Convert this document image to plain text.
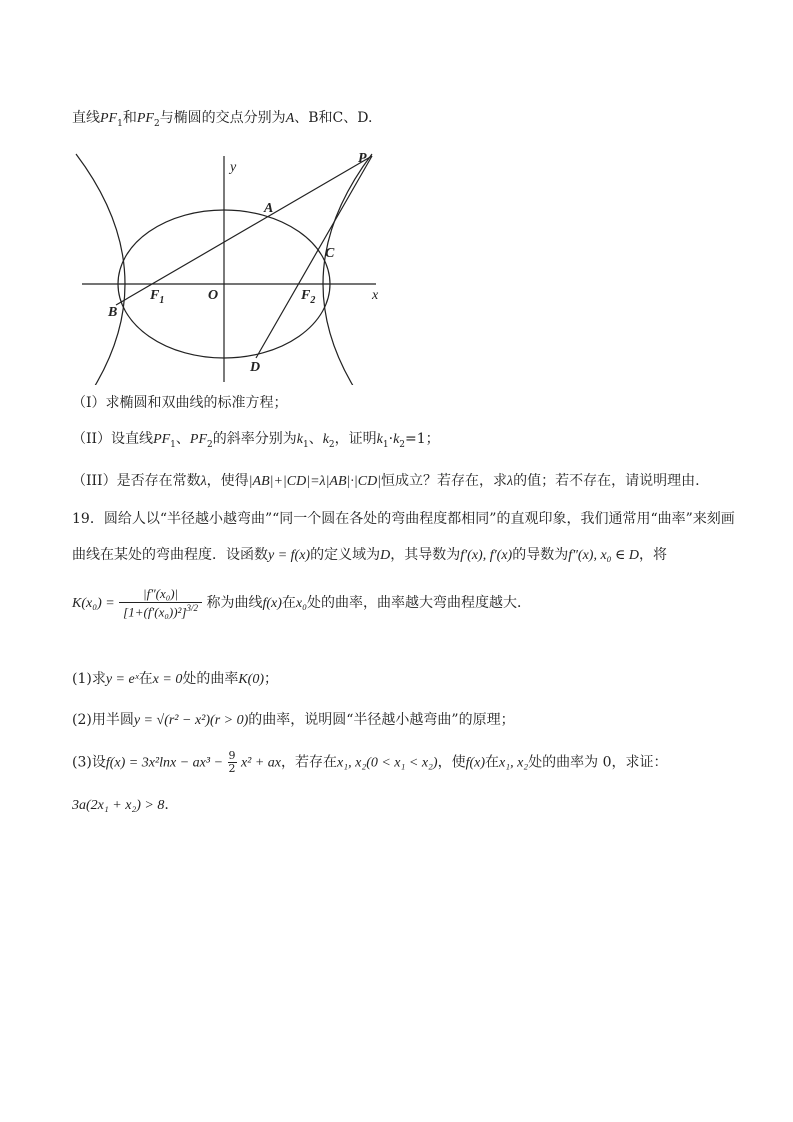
直线$PF_1$和$PF_2$与椭圆的交点分别为A、B和C、D.
y
x
P
A
C
B
$F_1$	O	$F_2$
D
（I）求椭圆和双曲线的标准方程；
（II）设直线$PF_1$、$PF_2$的斜率分别为$k_1$、$k_2$，证明$k_1\cdot k_2=1$；
（III）是否存在常数λ，使得|AB|+|CD|=λ|AB|·|CD|恒成立？若存在，求λ的值；若不存在，请说明理由.
19．圆给人以“半径越小越弯曲”“同一个圆在各处的弯曲程度都相同”的直观印象，我们通常用“曲率”来刻画
曲线在某处的弯曲程度．设函数y = f(x)的定义域为D，其导数为f′(x), f′(x)的导数为f″(x), x₀ ∈ D，将
$K(x_0) = \frac{\text{|f″(x₀)|}}{[1+(f'(x_0))^2]^{3/2}}$ 称为曲线f(x)在x₀处的曲率，曲率越大弯曲程度越大．
(1)求y = eˣ在x = 0处的曲率K(0)；
(2)用半圆y = √(r² − x²)(r > 0)的曲率，说明圆“半径越小越弯曲”的原理；
(3)设$f(x) = 3x^2\ln x - ax^3 - \frac{9}{2} x^2$ + ax，若存在x₁, x₂(0 < x₁ < x₂)，使f(x)在x₁, x₂处的曲率为 0，求证：
3a(2x₁ + x₂) > 8.
